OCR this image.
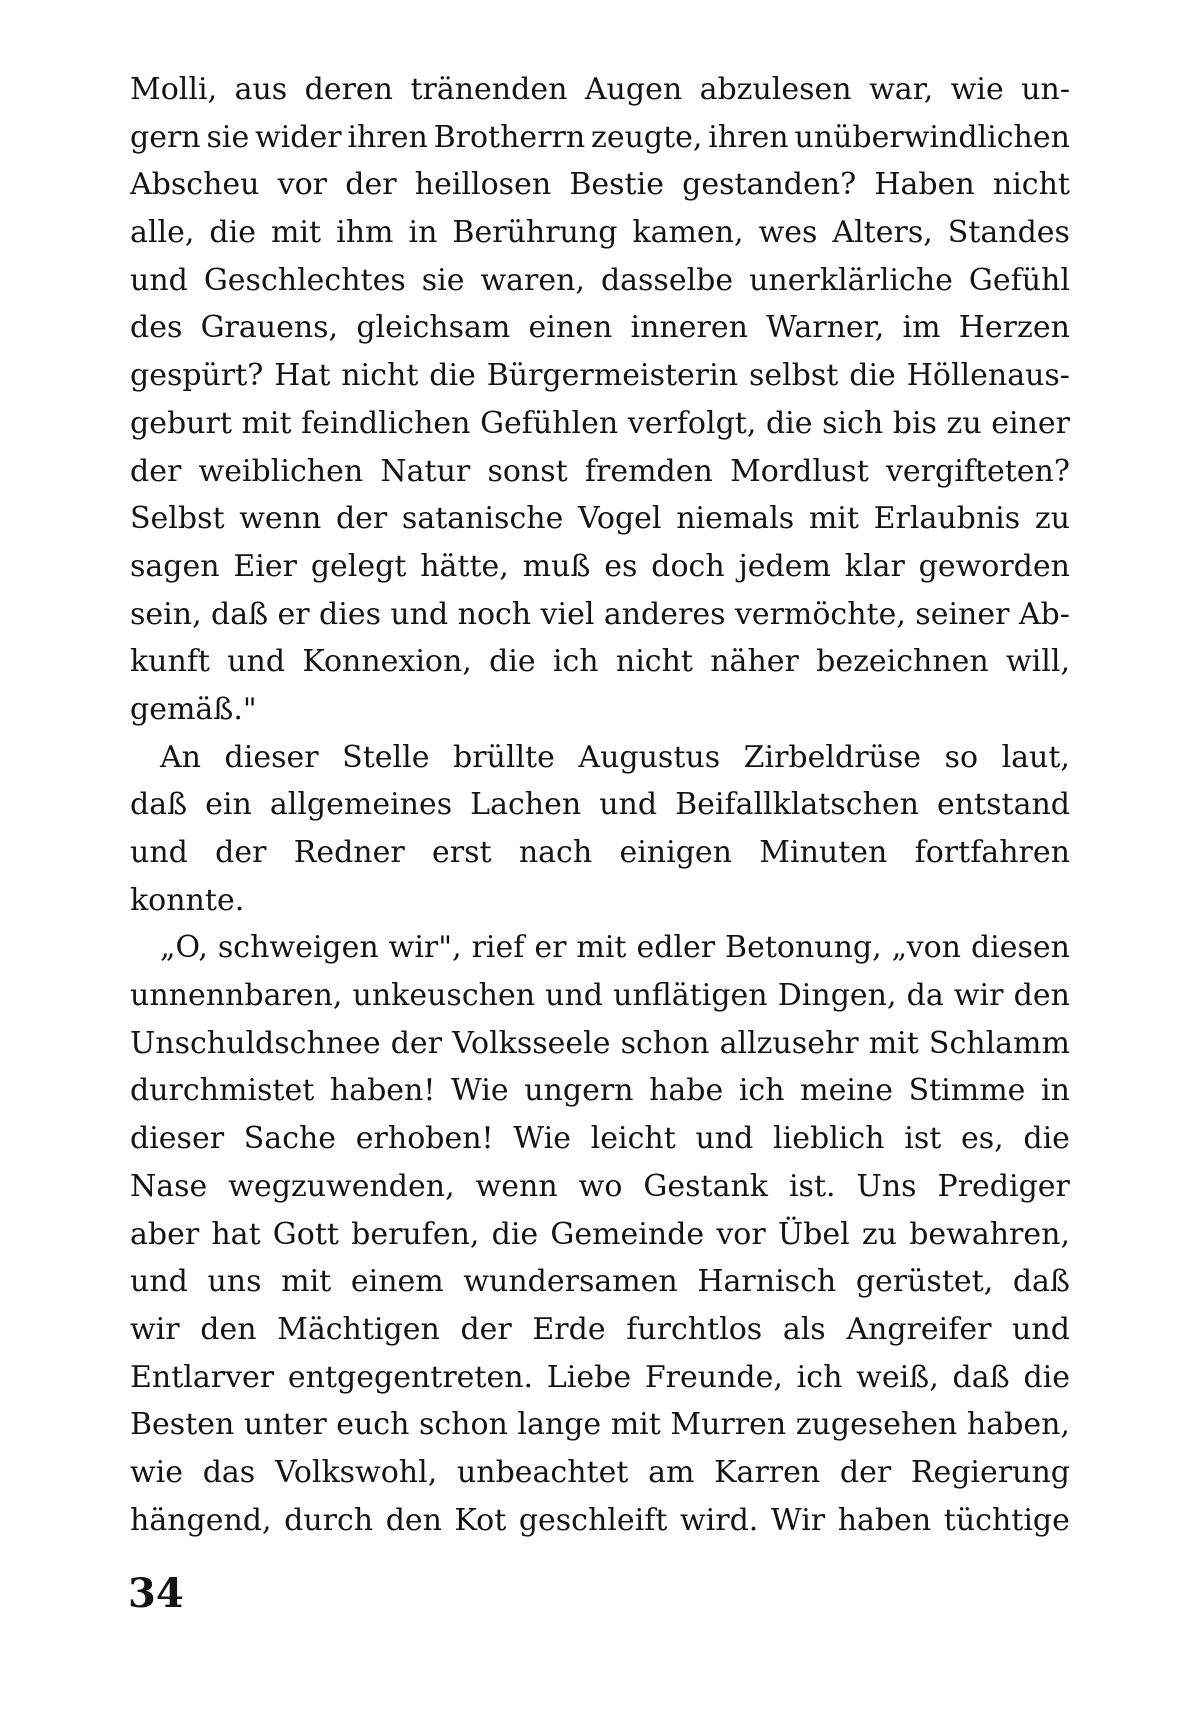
Molli, aus deren tränenden Augen abzulesen war, wie un-
gern sie wider ihren Brotherrn zeugte, ihren unüberwindlichen
Abscheu vor der heillosen Bestie gestanden? Haben nicht
alle, die mit ihm in Berührung kamen, wes Alters, Standes
und Geschlechtes sie waren, dasselbe unerklärliche Gefühl
des Grauens, gleichsam einen inneren Warner, im Herzen
gespürt? Hat nicht die Bürgermeisterin selbst die Höllenaus-
geburt mit feindlichen Gefühlen verfolgt, die sich bis zu einer
der weiblichen Natur sonst fremden Mordlust vergifteten?
Selbst wenn der satanische Vogel niemals mit Erlaubnis zu
sagen Eier gelegt hätte, muß es doch jedem klar geworden
sein, daß er dies und noch viel anderes vermöchte, seiner Ab-
kunft und Konnexion, die ich nicht näher bezeichnen will,
gemäß."
An dieser Stelle brüllte Augustus Zirbeldrüse so laut,
daß ein allgemeines Lachen und Beifallklatschen entstand
und der Redner erst nach einigen Minuten fortfahren
konnte.
„O, schweigen wir", rief er mit edler Betonung, „von diesen
unnennbaren, unkeuschen und unflätigen Dingen, da wir den
Unschuldschnee der Volksseele schon allzusehr mit Schlamm
durchmistet haben! Wie ungern habe ich meine Stimme in
dieser Sache erhoben! Wie leicht und lieblich ist es, die
Nase wegzuwenden, wenn wo Gestank ist. Uns Prediger
aber hat Gott berufen, die Gemeinde vor Übel zu bewahren,
und uns mit einem wundersamen Harnisch gerüstet, daß
wir den Mächtigen der Erde furchtlos als Angreifer und
Entlarver entgegentreten. Liebe Freunde, ich weiß, daß die
Besten unter euch schon lange mit Murren zugesehen haben,
wie das Volkswohl, unbeachtet am Karren der Regierung
hängend, durch den Kot geschleift wird. Wir haben tüchtige
34
